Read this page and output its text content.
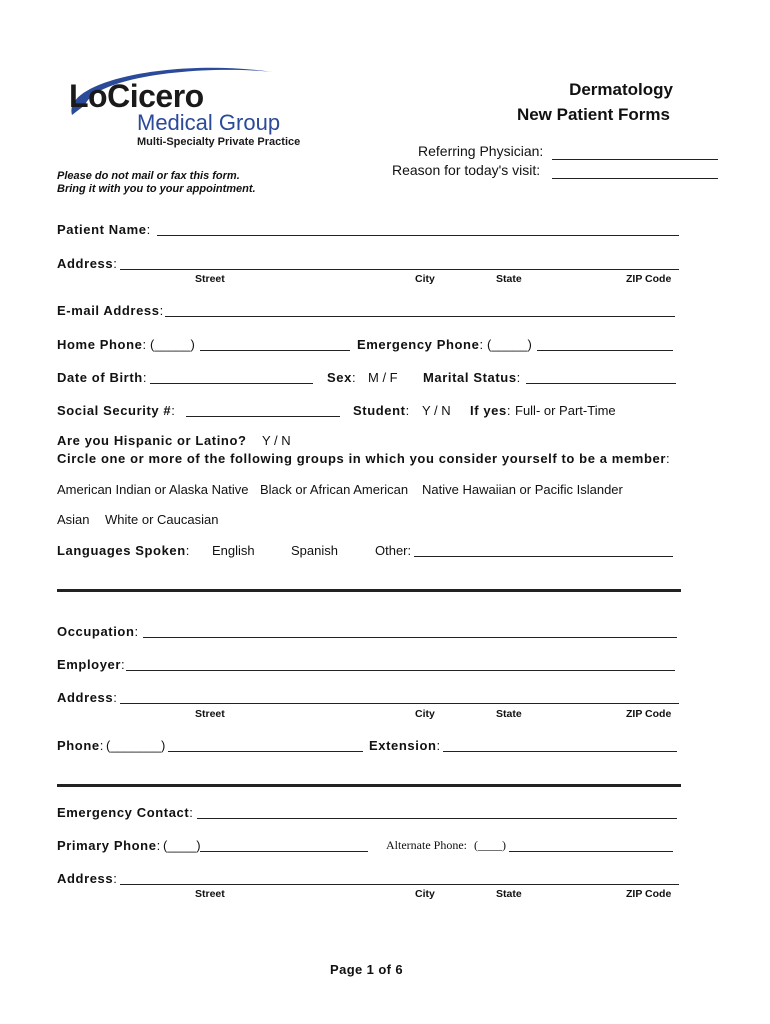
LoCicero
Medical Group
Multi-Specialty Private Practice
Dermatology
New Patient Forms
Referring Physician:
Reason for today's visit:
Please do not mail or fax this form.
Bring it with you to your appointment.
Patient Name:
Address:
Street	City	State	ZIP Code
E-mail Address:
Home Phone: (_____)	Emergency Phone: (_____)
Date of Birth:	Sex: M / F Marital Status:
Social Security #:	Student: Y / N If yes: Full- or Part-Time
Are you Hispanic or Latino? Y / N
Circle one or more of the following groups in which you consider yourself to be a member:
American Indian or Alaska Native Black or African American Native Hawaiian or Pacific Islander
Asian White or Caucasian
Languages Spoken: English	Spanish	Other:
Occupation:
Employer:
Address:
Street	City	State	ZIP Code
Phone: (_______)	Extension:
Emergency Contact:
Primary Phone: (____)	Alternate Phone: (____)
Address:
Street	City	State	ZIP Code
Page 1 of 6
